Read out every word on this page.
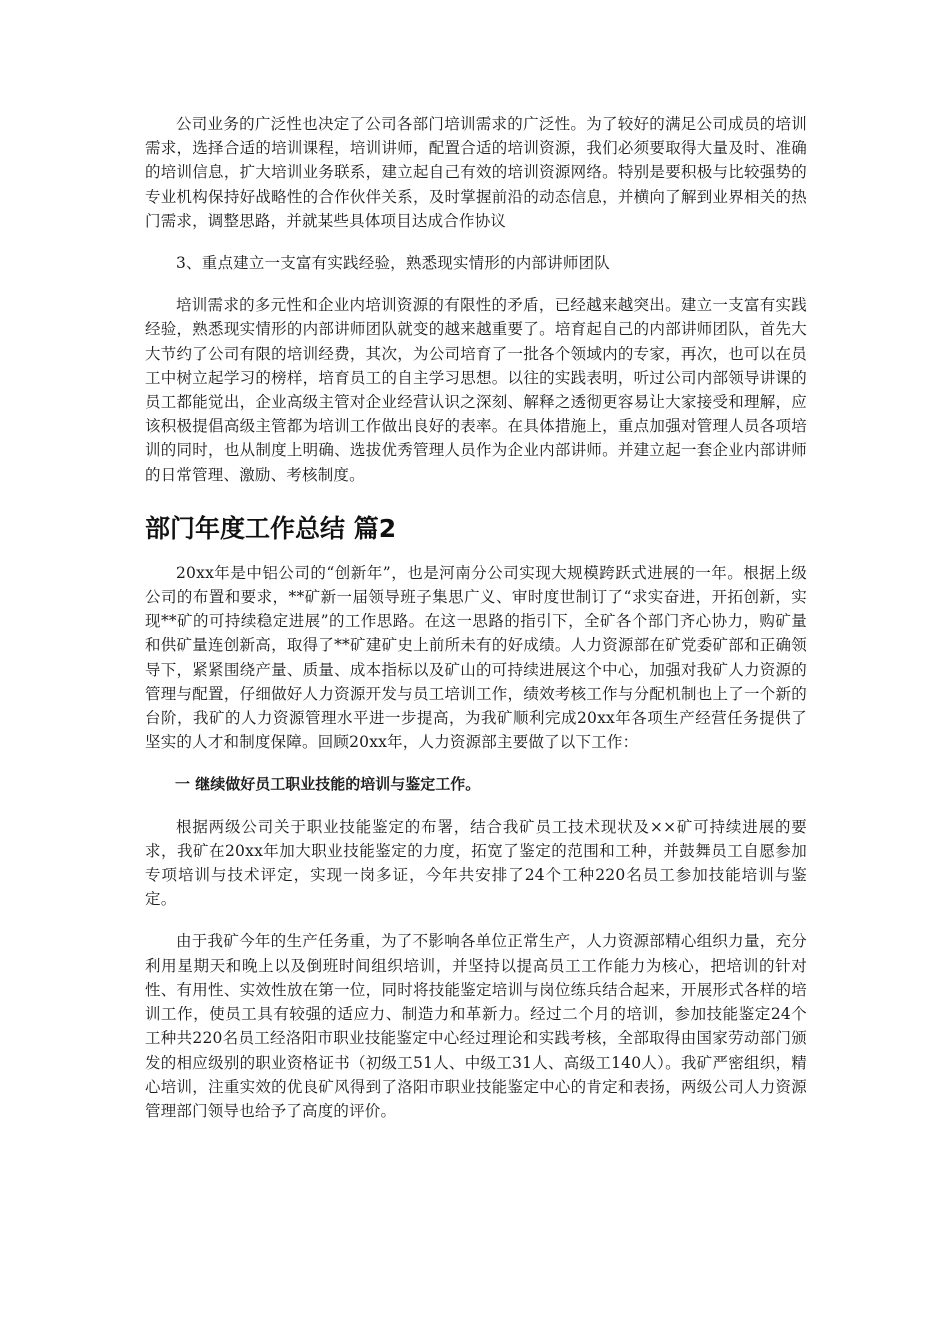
公司业务的广泛性也决定了公司各部门培训需求的广泛性。为了较好的满足公司成员的培训需求，选择合适的培训课程，培训讲师，配置合适的培训资源，我们必须要取得大量及时、准确的培训信息，扩大培训业务联系，建立起自己有效的培训资源网络。特别是要积极与比较强势的专业机构保持好战略性的合作伙伴关系，及时掌握前沿的动态信息，并横向了解到业界相关的热门需求，调整思路，并就某些具体项目达成合作协议

3、重点建立一支富有实践经验，熟悉现实情形的内部讲师团队

培训需求的多元性和企业内培训资源的有限性的矛盾，已经越来越突出。建立一支富有实践经验，熟悉现实情形的内部讲师团队就变的越来越重要了。培育起自己的内部讲师团队，首先大大节约了公司有限的培训经费，其次，为公司培育了一批各个领域内的专家，再次，也可以在员工中树立起学习的榜样，培育员工的自主学习思想。以往的实践表明，听过公司内部领导讲课的员工都能觉出，企业高级主管对企业经营认识之深刻、解释之透彻更容易让大家接受和理解，应该积极提倡高级主管都为培训工作做出良好的表率。在具体措施上，重点加强对管理人员各项培训的同时，也从制度上明确、选拔优秀管理人员作为企业内部讲师。并建立起一套企业内部讲师的日常管理、激励、考核制度。

部门年度工作总结 篇2

20xx年是中铝公司的“创新年”，也是河南分公司实现大规模跨跃式进展的一年。根据上级公司的布置和要求，**矿新一届领导班子集思广义、审时度世制订了“求实奋进，开拓创新，实现**矿的可持续稳定进展”的工作思路。在这一思路的指引下，全矿各个部门齐心协力，购矿量和供矿量连创新高，取得了**矿建矿史上前所未有的好成绩。人力资源部在矿党委矿部和正确领导下，紧紧围绕产量、质量、成本指标以及矿山的可持续进展这个中心，加强对我矿人力资源的管理与配置，仔细做好人力资源开发与员工培训工作，绩效考核工作与分配机制也上了一个新的台阶，我矿的人力资源管理水平进一步提高，为我矿顺利完成20xx年各项生产经营任务提供了坚实的人才和制度保障。回顾20xx年，人力资源部主要做了以下工作：

一 继续做好员工职业技能的培训与鉴定工作。

根据两级公司关于职业技能鉴定的布署，结合我矿员工技术现状及××矿可持续进展的要求，我矿在20xx年加大职业技能鉴定的力度，拓宽了鉴定的范围和工种，并鼓舞员工自愿参加专项培训与技术评定，实现一岗多证，今年共安排了24个工种220名员工参加技能培训与鉴定。

由于我矿今年的生产任务重，为了不影响各单位正常生产，人力资源部精心组织力量，充分利用星期天和晚上以及倒班时间组织培训，并坚持以提高员工工作能力为核心，把培训的针对性、有用性、实效性放在第一位，同时将技能鉴定培训与岗位练兵结合起来，开展形式各样的培训工作，使员工具有较强的适应力、制造力和革新力。经过二个月的培训，参加技能鉴定24个工种共220名员工经洛阳市职业技能鉴定中心经过理论和实践考核，全部取得由国家劳动部门颁发的相应级别的职业资格证书（初级工51人、中级工31人、高级工140人）。我矿严密组织，精心培训，注重实效的优良矿风得到了洛阳市职业技能鉴定中心的肯定和表扬，两级公司人力资源管理部门领导也给予了高度的评价。
